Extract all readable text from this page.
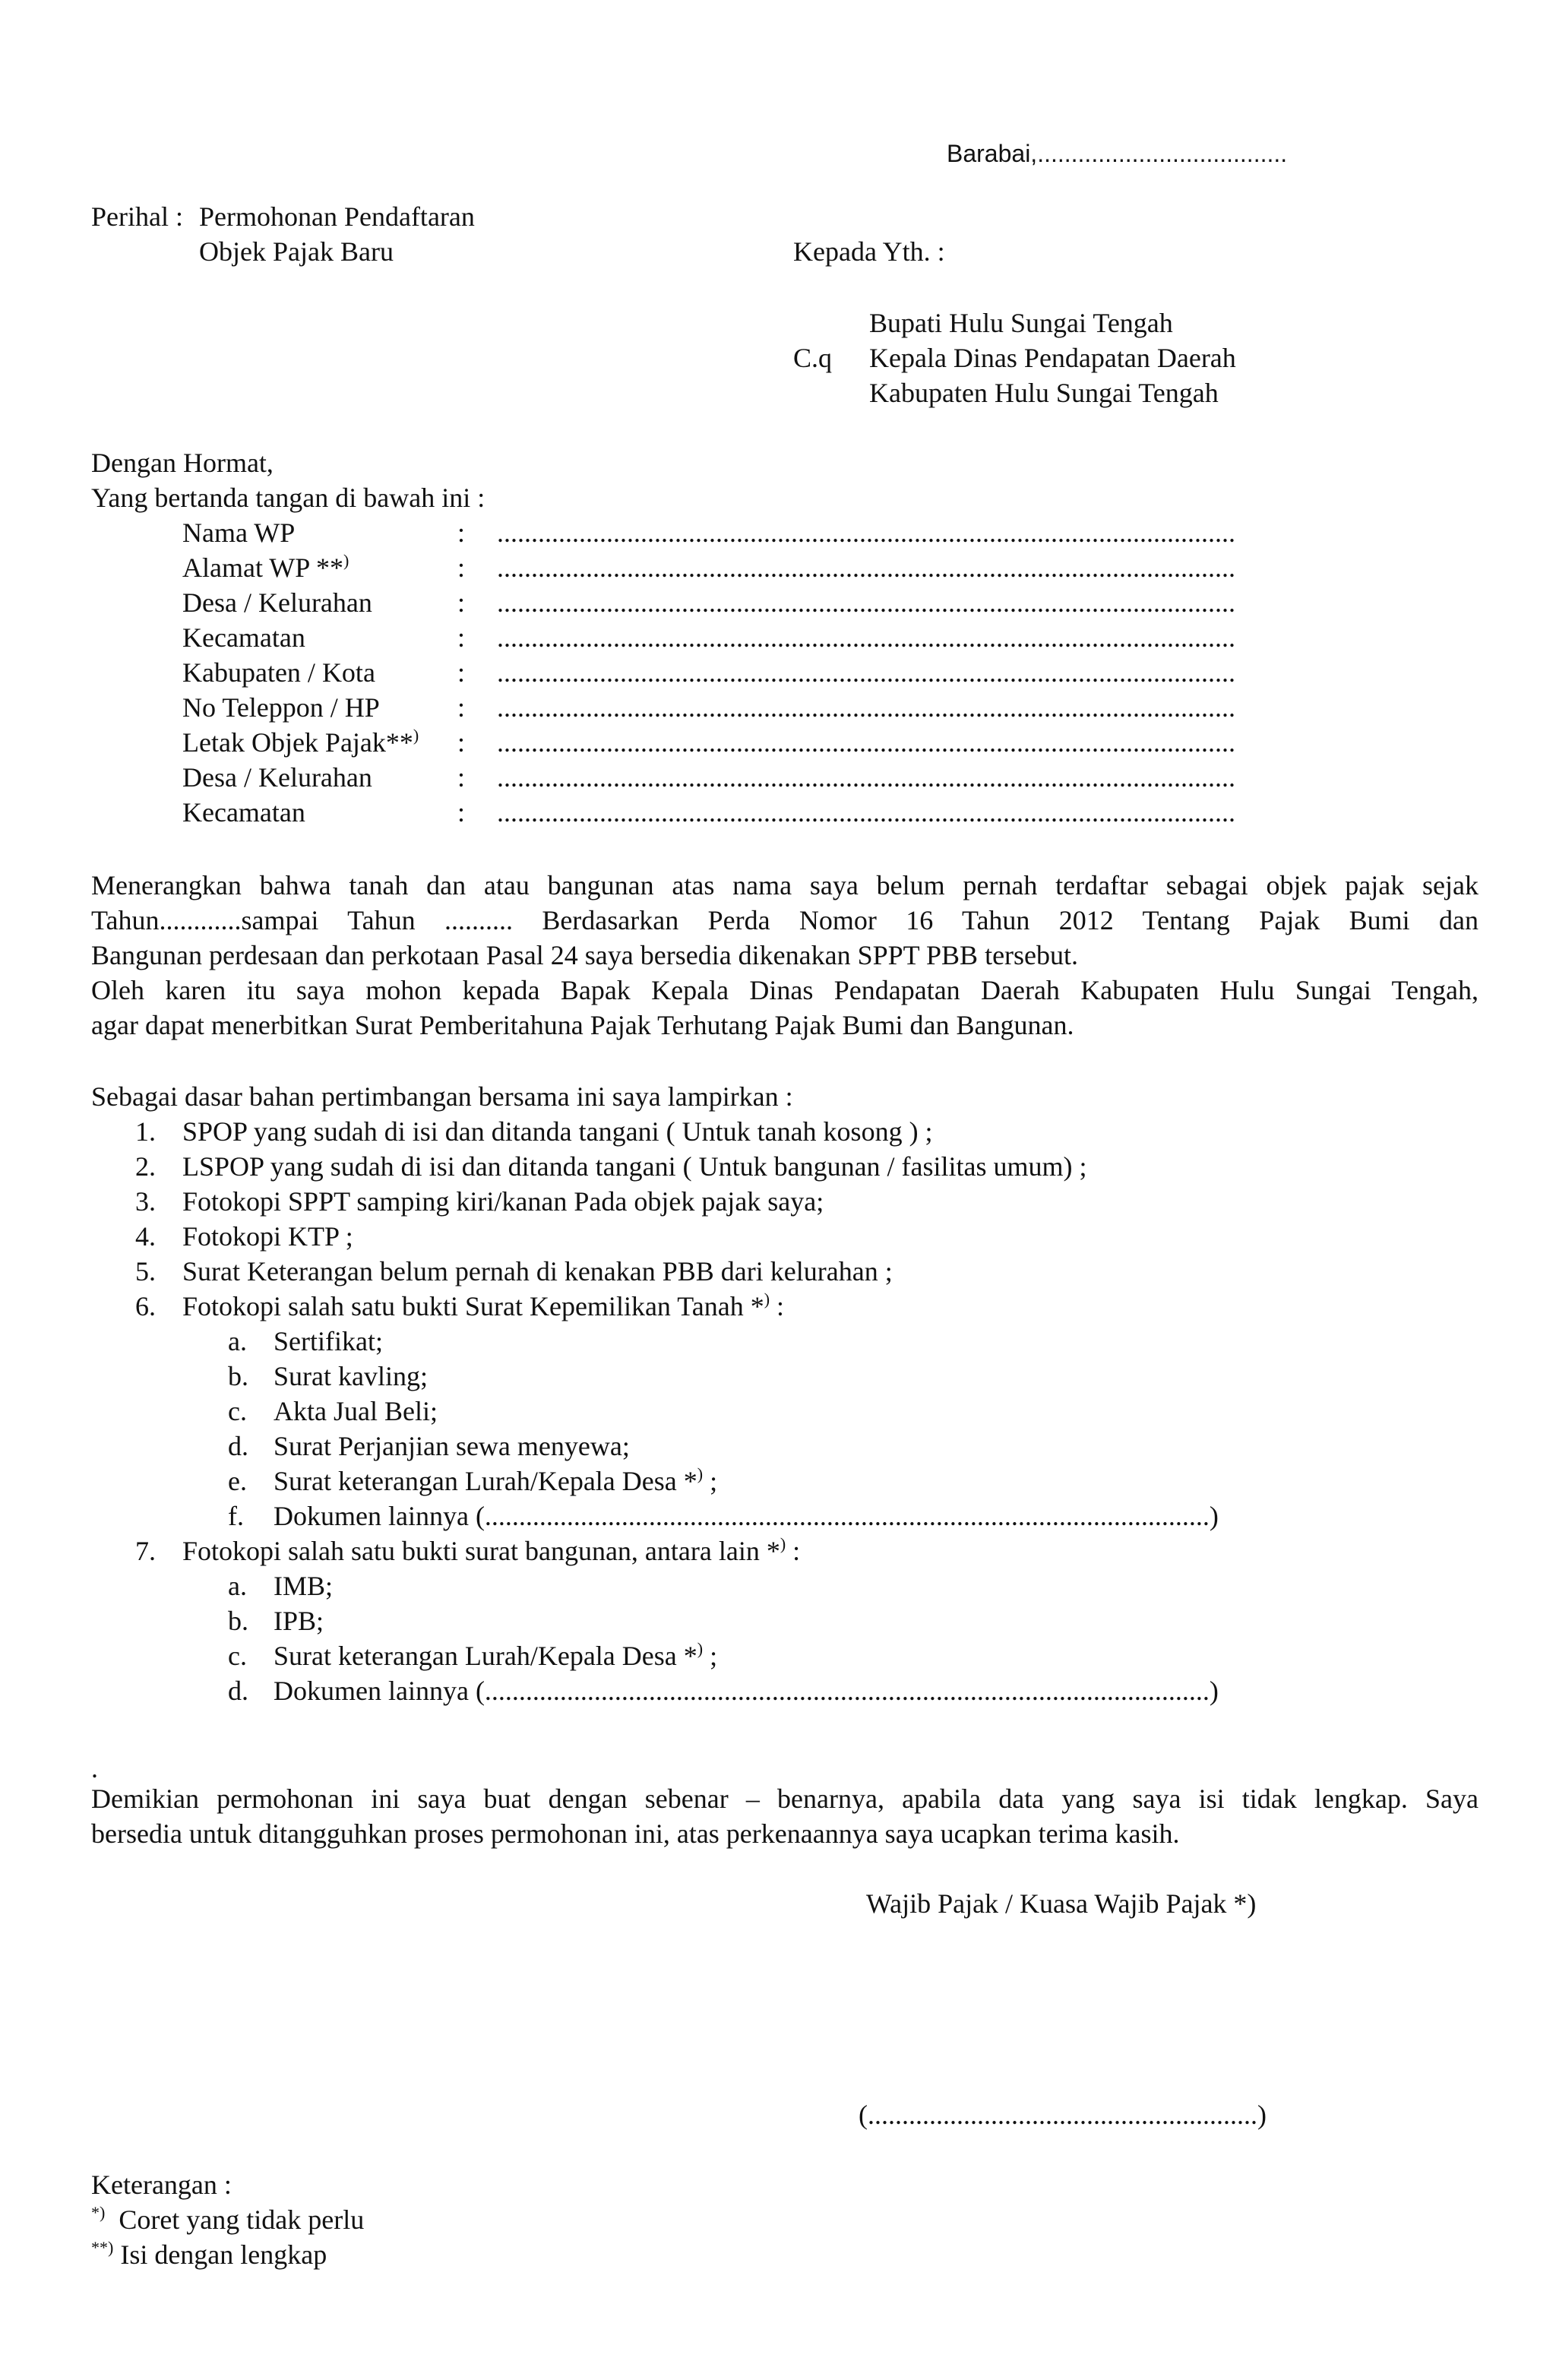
Barabai,.....................................
Perihal : Permohonan Pendaftaran
Objek Pajak Baru	Kepada Yth. :
Bupati Hulu Sungai Tengah
C.q Kepala Dinas Pendapatan Daerah
Kabupaten Hulu Sungai Tengah
Dengan Hormat,
Yang bertanda tangan di bawah ini :
Nama WP	: ............................................................................................................
Alamat WP **)	: ............................................................................................................
Desa / Kelurahan	: ............................................................................................................
Kecamatan	: ............................................................................................................
Kabupaten / Kota	: ............................................................................................................
No Teleppon / HP	: ............................................................................................................
Letak Objek Pajak**) : ............................................................................................................
Desa / Kelurahan	: ............................................................................................................
Kecamatan	: ............................................................................................................
Menerangkan bahwa tanah dan atau bangunan atas nama saya belum pernah terdaftar sebagai objek pajak sejak
Tahun............sampai Tahun .......... Berdasarkan Perda Nomor 16 Tahun 2012 Tentang Pajak Bumi dan
Bangunan perdesaan dan perkotaan Pasal 24 saya bersedia dikenakan SPPT PBB tersebut.
Oleh karen itu saya mohon kepada Bapak Kepala Dinas Pendapatan Daerah Kabupaten Hulu Sungai Tengah,
agar dapat menerbitkan Surat Pemberitahuna Pajak Terhutang Pajak Bumi dan Bangunan.
Sebagai dasar bahan pertimbangan bersama ini saya lampirkan :
1. SPOP yang sudah di isi dan ditanda tangani ( Untuk tanah kosong ) ;
2. LSPOP yang sudah di isi dan ditanda tangani ( Untuk bangunan / fasilitas umum) ;
3. Fotokopi SPPT samping kiri/kanan Pada objek pajak saya;
4. Fotokopi KTP ;
5. Surat Keterangan belum pernah di kenakan PBB dari kelurahan ;
6. Fotokopi salah satu bukti Surat Kepemilikan Tanah *) :
a. Sertifikat;
b. Surat kavling;
c. Akta Jual Beli;
d. Surat Perjanjian sewa menyewa;
e. Surat keterangan Lurah/Kepala Desa *) ;
f. Dokumen lainnya (..........................................................................................................)
7. Fotokopi salah satu bukti surat bangunan, antara lain *) :
a. IMB;
b. IPB;
c. Surat keterangan Lurah/Kepala Desa *) ;
d. Dokumen lainnya (..........................................................................................................)
.
Demikian permohonan ini saya buat dengan sebenar – benarnya, apabila data yang saya isi tidak lengkap. Saya
bersedia untuk ditangguhkan proses permohonan ini, atas perkenaannya saya ucapkan terima kasih.
Wajib Pajak / Kuasa Wajib Pajak *)
(.........................................................)
Keterangan :
*) Coret yang tidak perlu
**) Isi dengan lengkap
